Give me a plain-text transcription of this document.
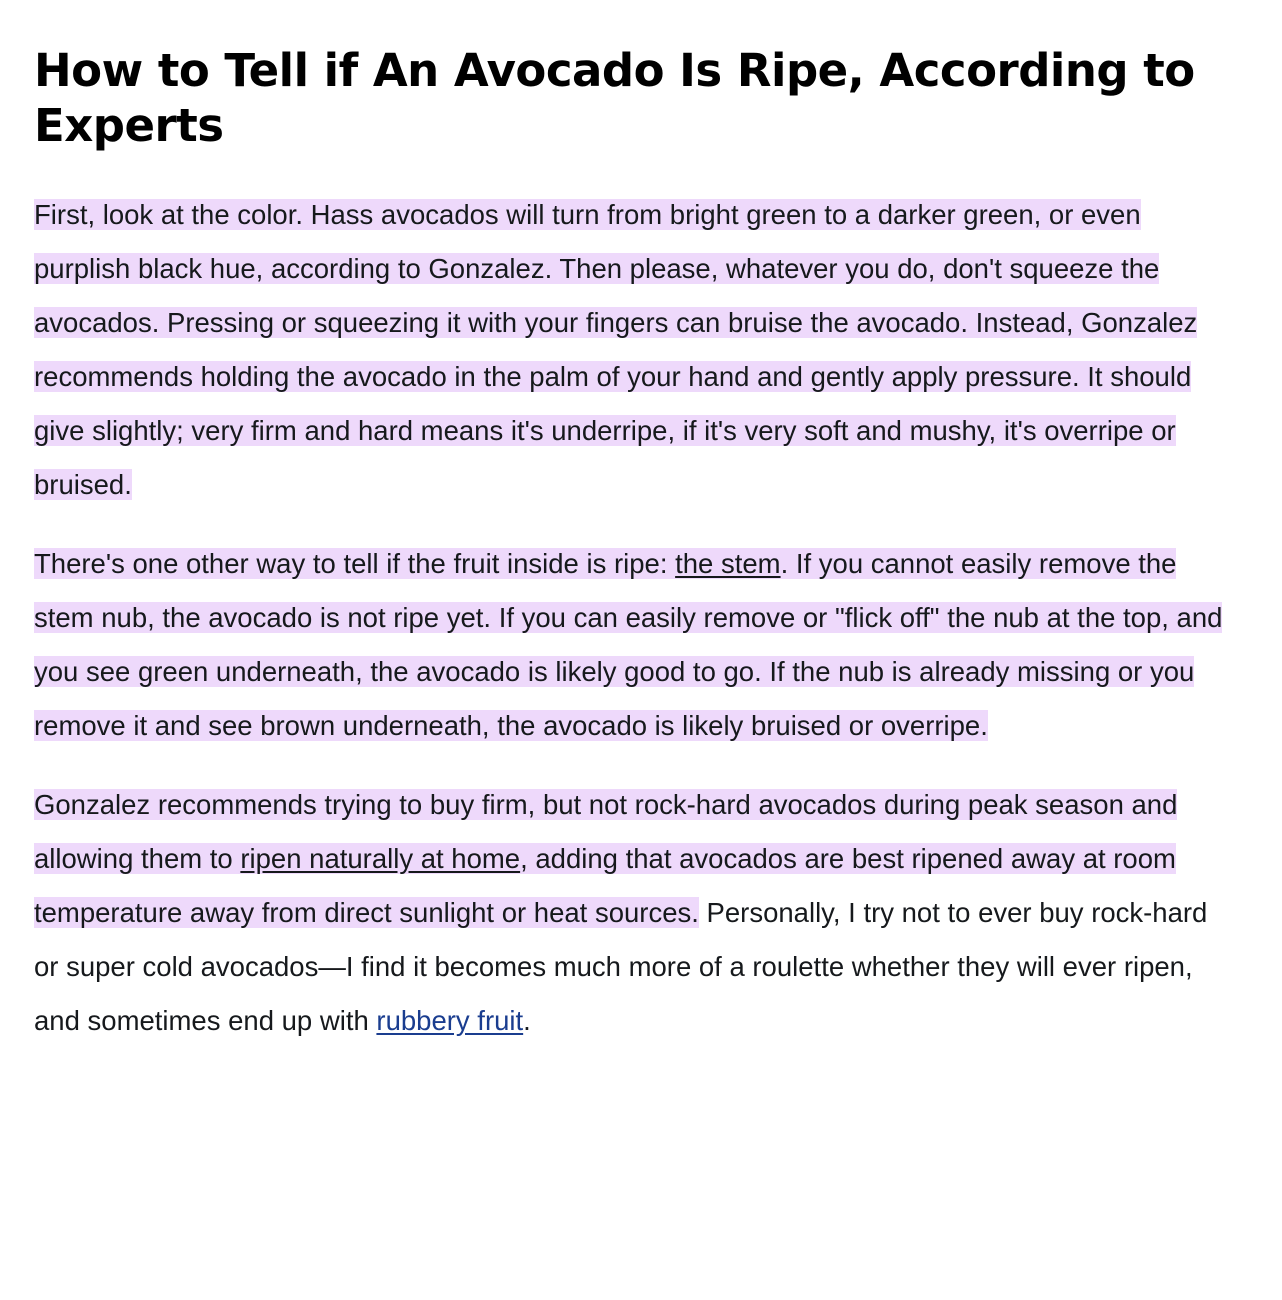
How to Tell if An Avocado Is Ripe, According to Experts

First, look at the color. Hass avocados will turn from bright green to a darker green, or even purplish black hue, according to Gonzalez. Then please, whatever you do, don't squeeze the avocados. Pressing or squeezing it with your fingers can bruise the avocado. Instead, Gonzalez recommends holding the avocado in the palm of your hand and gently apply pressure. It should give slightly; very firm and hard means it's underripe, if it's very soft and mushy, it's overripe or bruised.

There's one other way to tell if the fruit inside is ripe: the stem. If you cannot easily remove the stem nub, the avocado is not ripe yet. If you can easily remove or "flick off" the nub at the top, and you see green underneath, the avocado is likely good to go. If the nub is already missing or you remove it and see brown underneath, the avocado is likely bruised or overripe.

Gonzalez recommends trying to buy firm, but not rock-hard avocados during peak season and allowing them to ripen naturally at home, adding that avocados are best ripened away at room temperature away from direct sunlight or heat sources. Personally, I try not to ever buy rock-hard or super cold avocados—I find it becomes much more of a roulette whether they will ever ripen, and sometimes end up with rubbery fruit.
